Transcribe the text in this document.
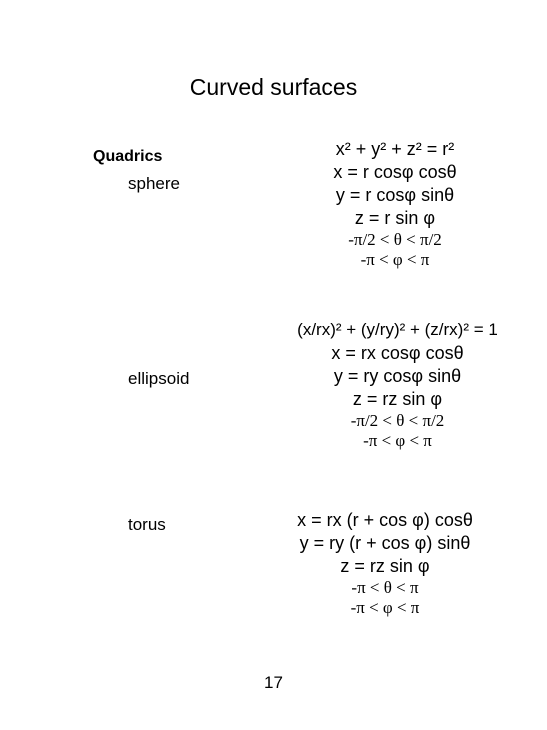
Curved surfaces
Quadrics
sphere
x² + y² + z² = r²
x = r cosφ cosθ
y = r cosφ sinθ
z = r sin φ
-π/2 < θ < π/2
-π < φ < π
ellipsoid
(x/rx)² + (y/ry)² + (z/rx)² = 1
x = rx cosφ cosθ
y = ry cosφ sinθ
z = rz sin φ
-π/2 < θ < π/2
-π < φ < π
torus	x = rx (r + cos φ) cosθ
y = ry (r + cos φ) sinθ
z = rz sin φ
-π < θ < π
-π < φ < π
17
